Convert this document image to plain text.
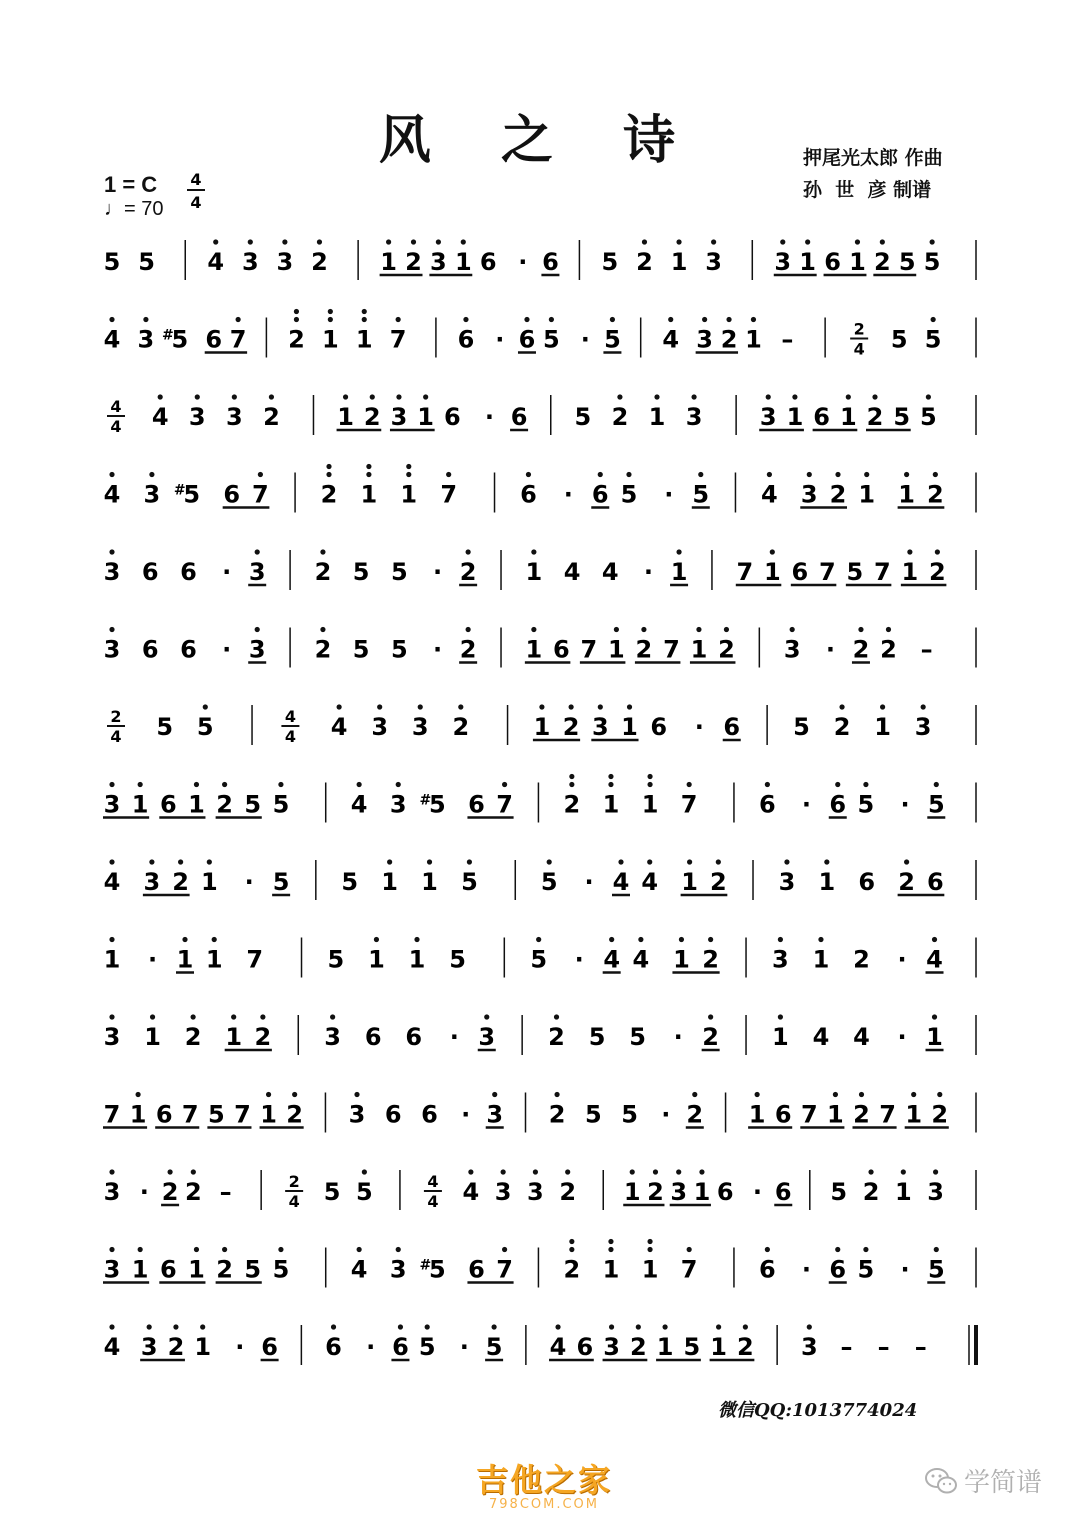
风 之 诗	押尾光太郎 作曲
孙  世  彦 制谱
1 = C
♩= 70
4
4
5 5 4 3 3 2 1 2 3 1 6 · 6 5 2 1 3 3 1 6 1 2 5 5
4 3 5
# 6 7 2 1 1 7 6 · 6 5 · 5 4 3 2 1 –	2
4 5 5
4
4 4 3 3 2 1 2 3 1 6 · 6 5 2 1 3 3 1 6 1 2 5 5
4 3 5
# 6 7 2 1 1 7	6 · 6 5 · 5 4 3 2 1 1 2
3 6 6 · 3 2 5 5 · 2 1 4 4 · 1 7 1 6 7 5 7 1 2
3 6 6 · 3 2 5 5 · 2 1 6 7 1 2 7 1 2 3 · 2 2 –
2
4 5 5	4
4 4 3 3 2	1 2 3 1 6 · 6 5 2 1 3
3 1 6 1 2 5 5	4 3 5
# 6 7 2 1 1 7	6 · 6 5 · 5
4 3 2 1 · 5 5 1 1 5	5 · 4 4 1 2 3 1 6 2 6
1 · 1 1 7	5 1 1 5	5 · 4 4 1 2 3 1 2 · 4
3 1 2 1 2 3 6 6 · 3 2 5 5 · 2 1 4 4 · 1
7 1 6 7 5 7 1 2 3 6 6 · 3 2 5 5 · 2 1 6 7 1 2 7 1 2
3 · 2 2 –	2
4 5 5	4
4 4 3 3 2 1 2 3 1 6 · 6 5 2 1 3
3 1 6 1 2 5 5	4 3 5
# 6 7 2 1 1 7	6 · 6 5 · 5
4 3 2 1 · 6 6 · 6 5 · 5 4 6 3 2 1 5 1 2 3 – – –
微信QQ:1013774024
吉他之家
798COM.COM
学简谱
